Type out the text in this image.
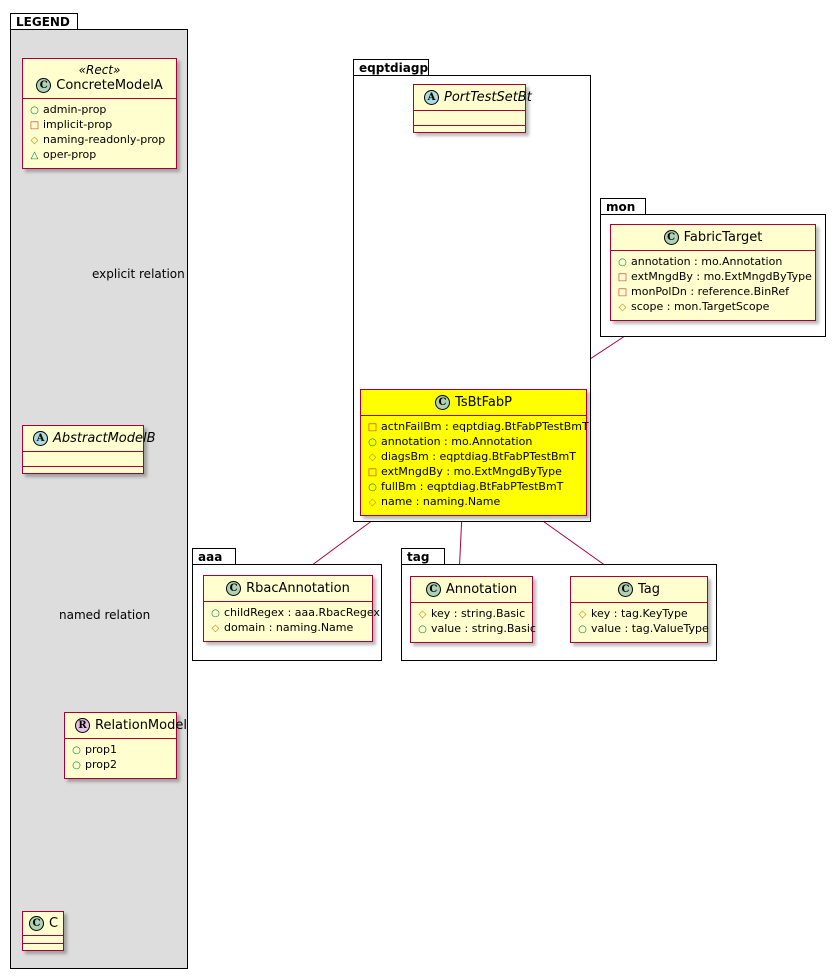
LEGEND
«Rect»
C ConcreteModelA
○ admin-prop
□ implicit-prop
◇ naming-readonly-prop
△ oper-prop
A AbstractModelB
R RelationModel
○ prop1
○ prop2
C C
explicit relation
named relation
eqptdiagp
A PortTestSetBt
C TsBtFabP
□ actnFailBm : eqptdiag.BtFabPTestBmT
○ annotation : mo.Annotation
◇ diagsBm : eqptdiag.BtFabPTestBmT
□ extMngdBy : mo.ExtMngdByType
○ fullBm : eqptdiag.BtFabPTestBmT
◇ name : naming.Name
mon
C FabricTarget
○ annotation : mo.Annotation
□ extMngdBy : mo.ExtMngdByType
□ monPolDn : reference.BinRef
◇ scope : mon.TargetScope
aaa
C RbacAnnotation
○ childRegex : aaa.RbacRegex
◇ domain : naming.Name
tag
C Annotation
◇ key : string.Basic
○ value : string.Basic
C Tag
◇ key : tag.KeyType
○ value : tag.ValueType
